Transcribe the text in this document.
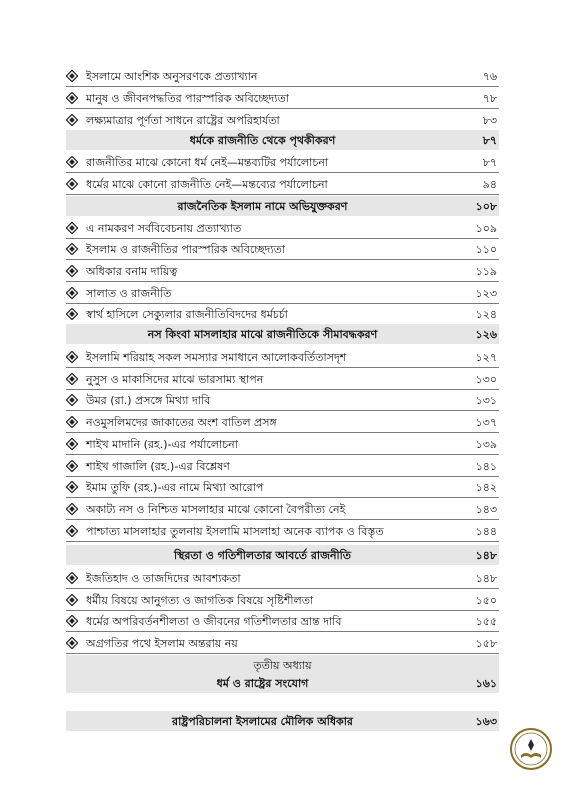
ইসলামে আংশিক অনুসরণকে প্রত্যাখ্যান	৭৬
মানুষ ও জীবনপদ্ধতির পারস্পরিক অবিচ্ছেদ্যতা	৭৮
লক্ষ্যমাত্রার পূর্ণতা সাধনে রাষ্ট্রের অপরিহার্যতা	৮৩
ধর্মকে রাজনীতি থেকে পৃথকীকরণ	৮৭
রাজনীতির মাঝে কোনো ধর্ম নেই—মন্তব্যটির পর্যালোচনা	৮৭
ধর্মের মাঝে কোনো রাজনীতি নেই—মন্তব্যের পর্যালোচনা	৯৪
রাজনৈতিক ইসলাম নামে অভিযুক্তকরণ	১০৮
এ নামকরণ সর্ববিবেচনায় প্রত্যাখ্যাত	১০৯
ইসলাম ও রাজনীতির পারস্পরিক অবিচ্ছেদ্যতা	১১০
অধিকার বনাম দায়িত্ব	১১৯
সালাত ও রাজনীতি	১২৩
স্বার্থ হাসিলে সেক্যুলার রাজনীতিবিদদের ধর্মচর্চা	১২৪
নস কিংবা মাসলাহার মাঝে রাজনীতিকে সীমাবদ্ধকরণ	১২৬
ইসলামি শরিয়াহ সকল সমস্যার সমাধানে আলোকবর্তিতাসদৃশ	১২৭
নুসুস ও মাকাসিদের মাঝে ভারসাম্য স্থাপন	১৩০
উমর (রা.) প্রসঙ্গে মিথ্যা দাবি	১৩১
নওমুসলিমদের জাকাতের অংশ বাতিল প্রসঙ্গ	১৩৭
শাইখ মাদানি (রহ.)-এর পর্যালোচনা	১৩৯
শাইখ গাজালি (রহ.)-এর বিশ্লেষণ	১৪১
ইমাম তুফি (রহ.)-এর নামে মিথ্যা আরোপ	১৪২
অকাট্য নস ও নিশ্চিত মাসলাহার মাঝে কোনো বৈপরীত্য নেই	১৪৩
পাশ্চাত্য মাসলাহার তুলনায় ইসলামি মাসলাহা অনেক ব্যাপক ও বিস্তৃত	১৪৪
স্থিরতা ও গতিশীলতার আবর্তে রাজনীতি	১৪৮
ইজতিহাদ ও তাজদিদের আবশ্যকতা	১৪৮
ধর্মীয় বিষয়ে আনুগত্য ও জাগতিক বিষয়ে সৃষ্টিশীলতা	১৫০
ধর্মের অপরিবর্তনশীলতা ও জীবনের গতিশীলতার ভ্রান্ত দাবি	১৫৫
অগ্রগতির পথে ইসলাম অন্তরায় নয়	১৫৮
তৃতীয় অধ্যায়
ধর্ম ও রাষ্ট্রের সংযোগ	১৬১
রাষ্ট্রপরিচালনা ইসলামের মৌলিক অধিকার	১৬৩
